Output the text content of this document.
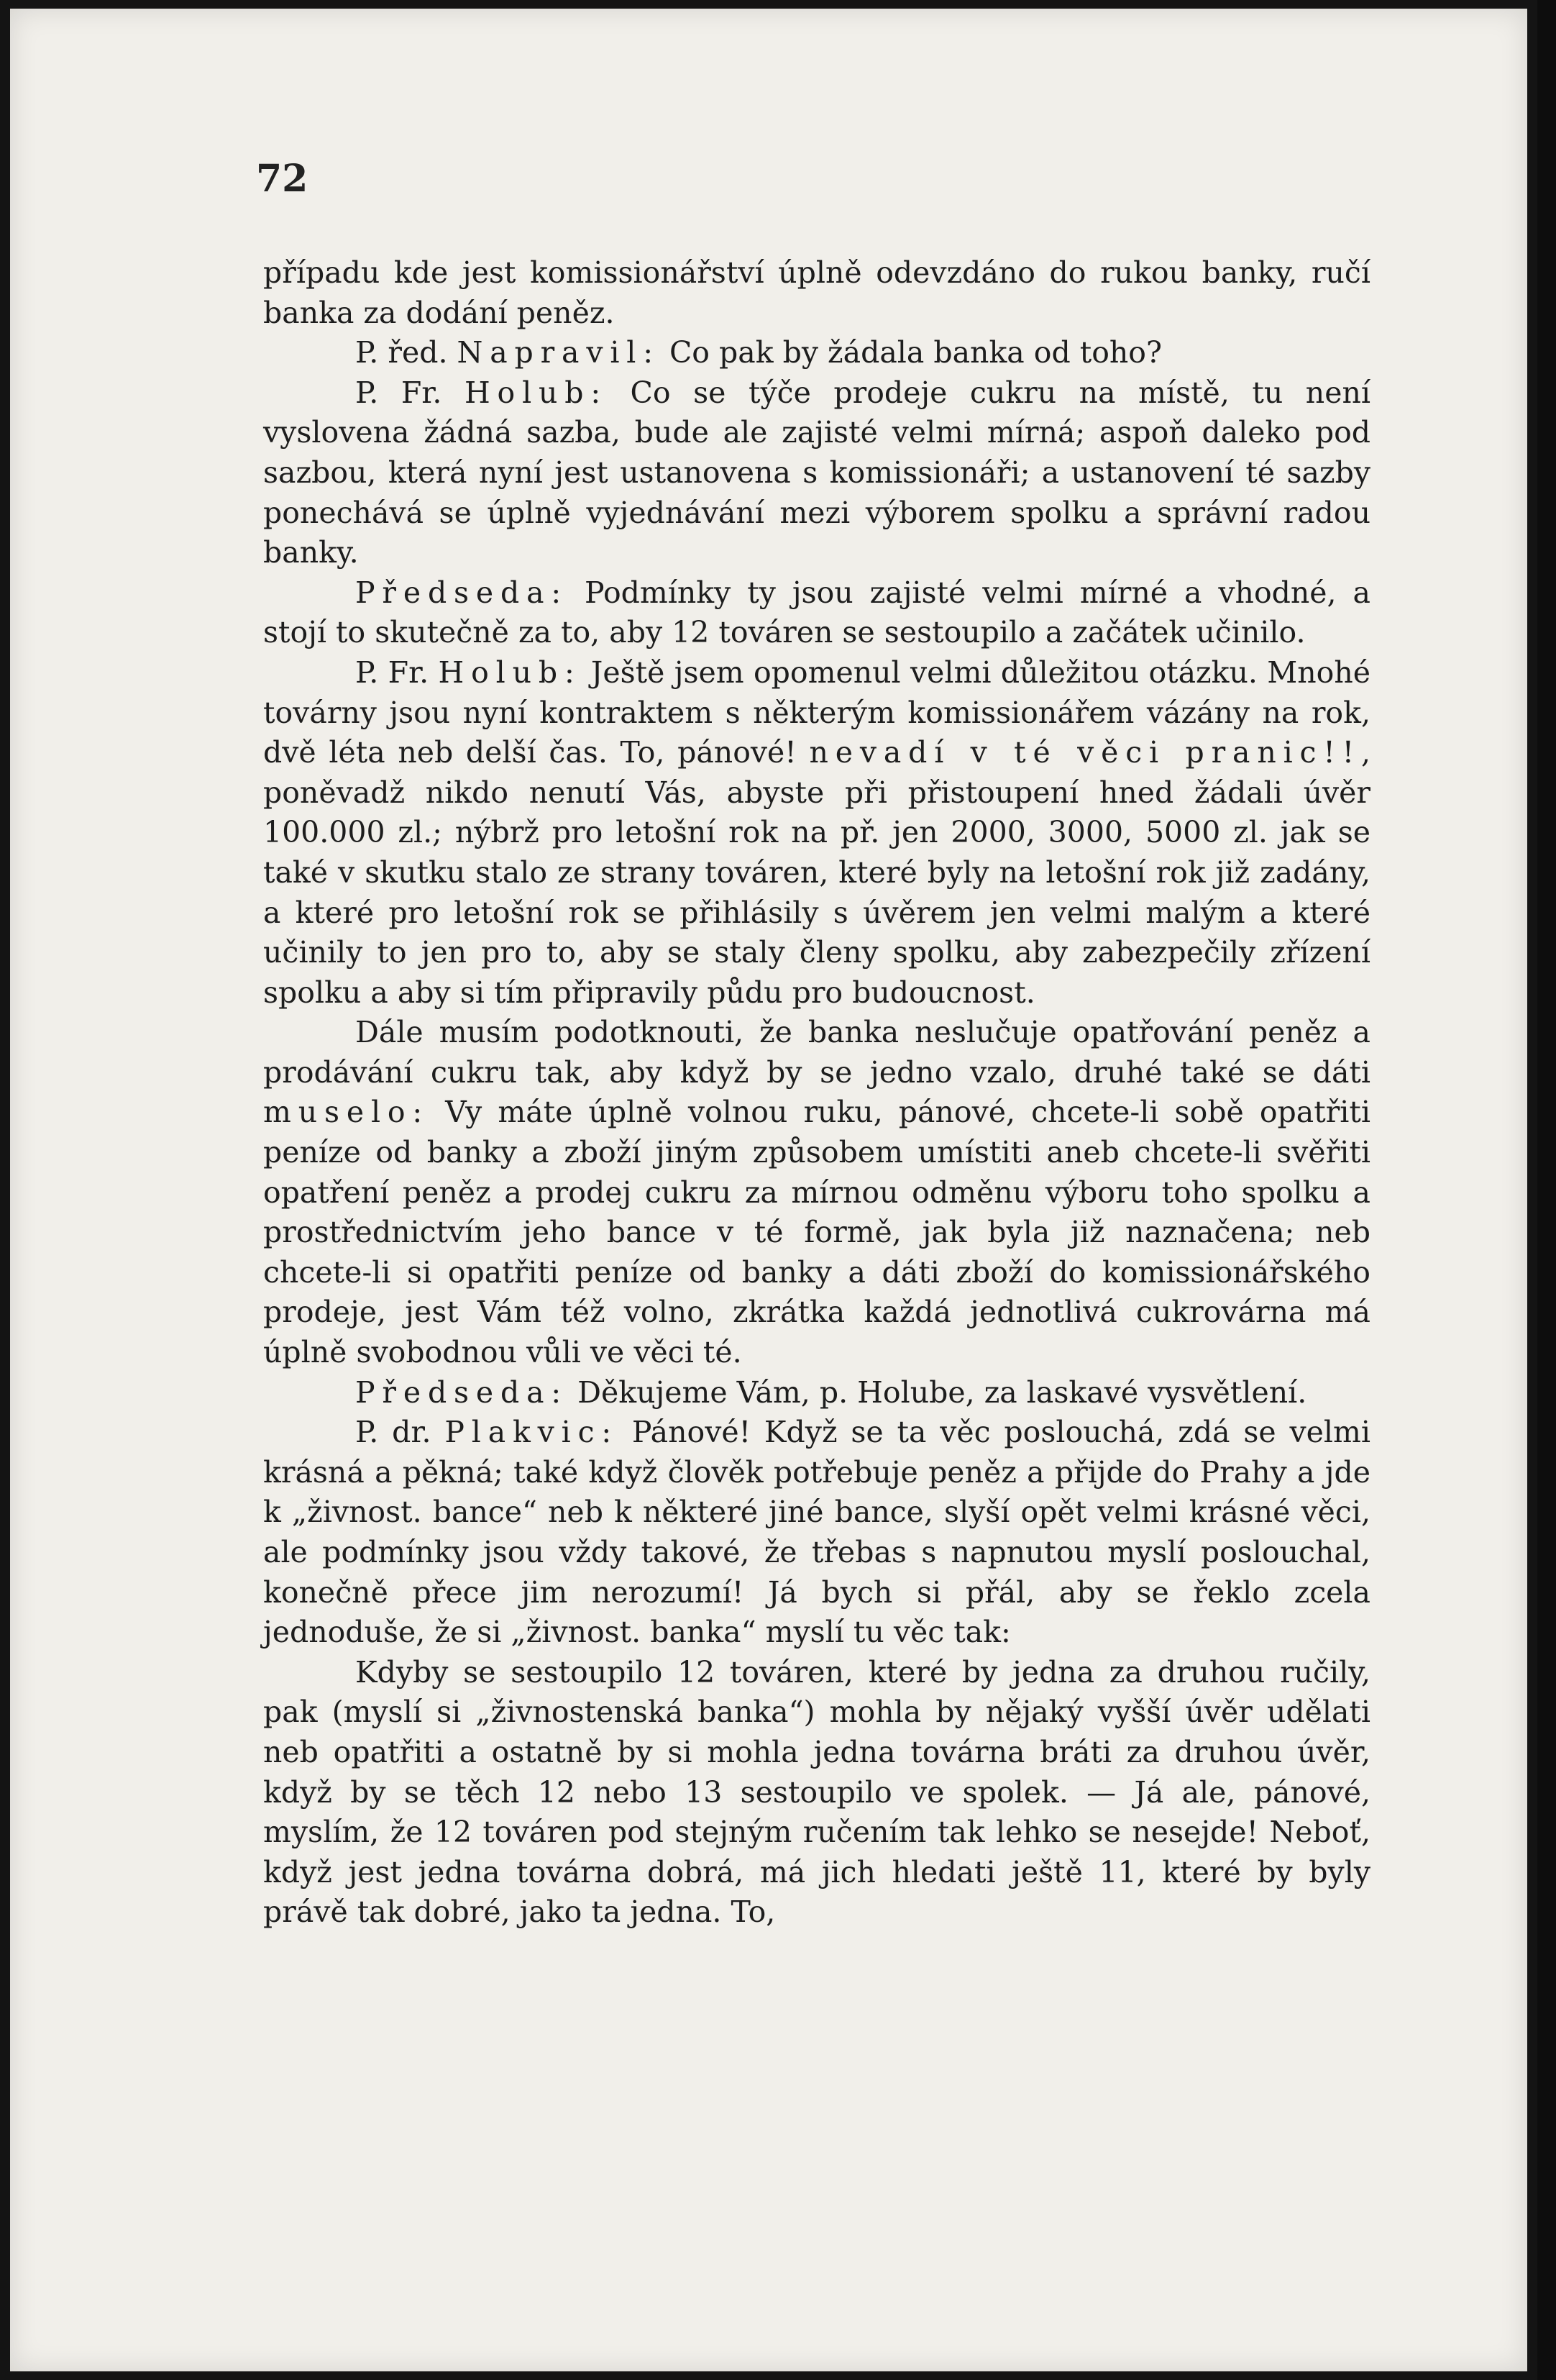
72

případu kde jest komissionářství úplně odevzdáno do rukou banky, ručí banka za dodání peněz.

P. řed. Napravil: Co pak by žádala banka od toho?

P. Fr. Holub: Co se týče prodeje cukru na místě, tu není vyslovena žádná sazba, bude ale zajisté velmi mírná; aspoň daleko pod sazbou, která nyní jest ustanovena s komissionáři; a ustanovení té sazby ponechává se úplně vyjednávání mezi výborem spolku a správní radou banky.

Předseda: Podmínky ty jsou zajisté velmi mírné a vhodné, a stojí to skutečně za to, aby 12 továren se sestoupilo a začátek učinilo.

P. Fr. Holub: Ještě jsem opomenul velmi důležitou otázku. Mnohé továrny jsou nyní kontraktem s některým komissionářem vázány na rok, dvě léta neb delší čas. To, pánové! nevadí v té věci pranic!!, poněvadž nikdo nenutí Vás, abyste při přistoupení hned žádali úvěr 100.000 zl.; nýbrž pro letošní rok na př. jen 2000, 3000, 5000 zl. jak se také v skutku stalo ze strany továren, které byly na letošní rok již zadány, a které pro letošní rok se přihlásily s úvěrem jen velmi malým a které učinily to jen pro to, aby se staly členy spolku, aby zabezpečily zřízení spolku a aby si tím připravily půdu pro budoucnost.

Dále musím podotknouti, že banka neslučuje opatřování peněz a prodávání cukru tak, aby když by se jedno vzalo, druhé také se dáti muselo: Vy máte úplně volnou ruku, pánové, chcete-li sobě opatřiti peníze od banky a zboží jiným způsobem umístiti aneb chcete-li svěřiti opatření peněz a prodej cukru za mírnou odměnu výboru toho spolku a prostřednictvím jeho bance v té formě, jak byla již naznačena; neb chcete-li si opatřiti peníze od banky a dáti zboží do komissionářského prodeje, jest Vám též volno, zkrátka každá jednotlivá cukrovárna má úplně svobodnou vůli ve věci té.

Předseda: Děkujeme Vám, p. Holube, za laskavé vysvětlení.

P. dr. Plakvic: Pánové! Když se ta věc poslouchá, zdá se velmi krásná a pěkná; také když člověk potřebuje peněz a přijde do Prahy a jde k „živnost. bance“ neb k některé jiné bance, slyší opět velmi krásné věci, ale podmínky jsou vždy takové, že třebas s napnutou myslí poslouchal, konečně přece jim nerozumí! Já bych si přál, aby se řeklo zcela jednoduše, že si „živnost. banka“ myslí tu věc tak:

Kdyby se sestoupilo 12 továren, které by jedna za druhou ručily, pak (myslí si „živnostenská banka“) mohla by nějaký vyšší úvěr udělati neb opatřiti a ostatně by si mohla jedna továrna bráti za druhou úvěr, když by se těch 12 nebo 13 sestoupilo ve spolek. — Já ale, pánové, myslím, že 12 továren pod stejným ručením tak lehko se nesejde! Neboť, když jest jedna továrna dobrá, má jich hledati ještě 11, které by byly právě tak dobré, jako ta jedna. To,
